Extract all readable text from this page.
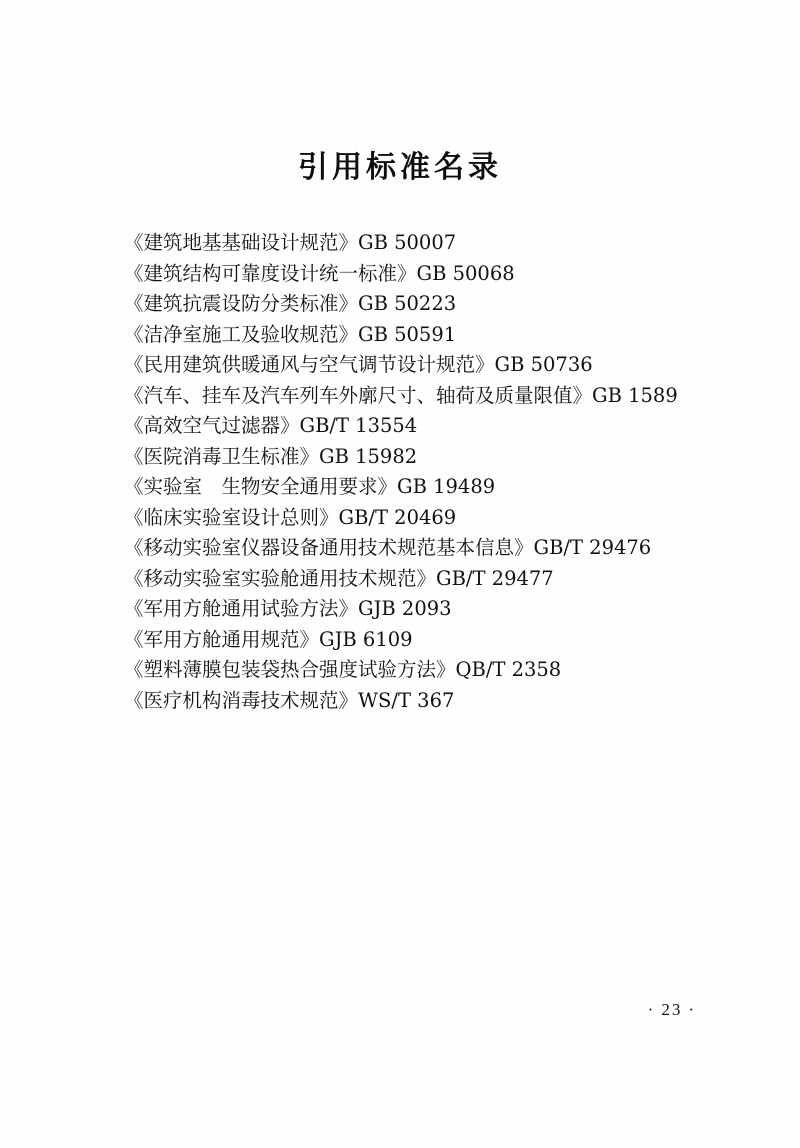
引用标准名录
《建筑地基基础设计规范》GB 50007
《建筑结构可靠度设计统一标准》GB 50068
《建筑抗震设防分类标准》GB 50223
《洁净室施工及验收规范》GB 50591
《民用建筑供暖通风与空气调节设计规范》GB 50736
《汽车、挂车及汽车列车外廓尺寸、轴荷及质量限值》GB 1589
《高效空气过滤器》GB/T 13554
《医院消毒卫生标准》GB 15982
《实验室　生物安全通用要求》GB 19489
《临床实验室设计总则》GB/T 20469
《移动实验室仪器设备通用技术规范基本信息》GB/T 29476
《移动实验室实验舱通用技术规范》GB/T 29477
《军用方舱通用试验方法》GJB 2093
《军用方舱通用规范》GJB 6109
《塑料薄膜包装袋热合强度试验方法》QB/T 2358
《医疗机构消毒技术规范》WS/T 367
· 23 ·
